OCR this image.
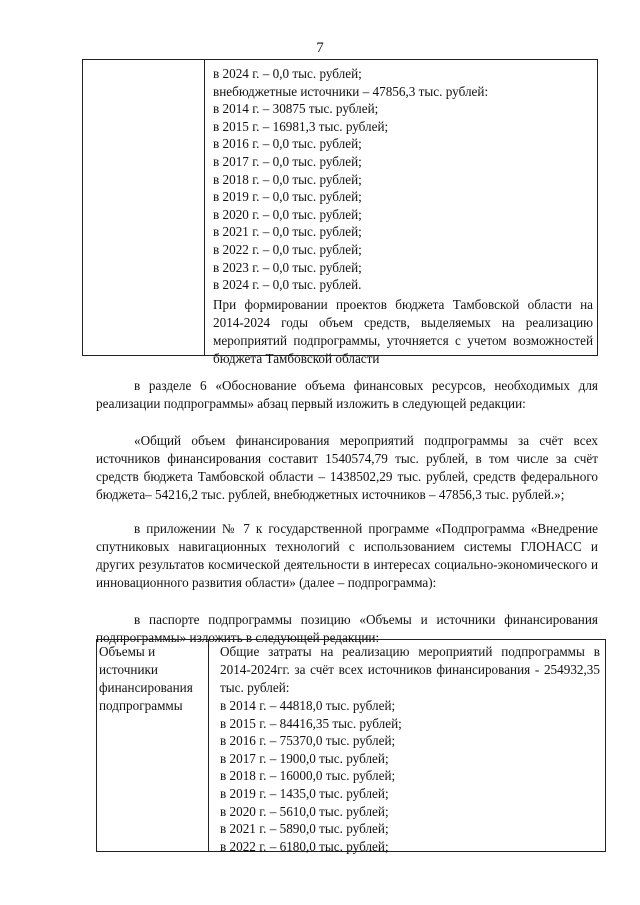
7
в 2024 г. – 0,0 тыс. рублей;
внебюджетные источники – 47856,3 тыс. рублей:
в 2014 г. – 30875 тыс. рублей;
в 2015 г. – 16981,3 тыс. рублей;
в 2016 г. – 0,0 тыс. рублей;
в 2017 г. – 0,0 тыс. рублей;
в 2018 г. – 0,0 тыс. рублей;
в 2019 г. – 0,0 тыс. рублей;
в 2020 г. – 0,0 тыс. рублей;
в 2021 г. – 0,0 тыс. рублей;
в 2022 г. – 0,0 тыс. рублей;
в 2023 г. – 0,0 тыс. рублей;
в 2024 г. – 0,0 тыс. рублей.
При формировании проектов бюджета Тамбовской области на 2014-2024 годы объем средств, выделяемых на реализацию мероприятий подпрограммы, уточняется с учетом возможностей бюджета Тамбовской области
в разделе 6 «Обоснование объема финансовых ресурсов, необходимых для реализации подпрограммы» абзац первый изложить в следующей редакции:
«Общий объем финансирования мероприятий подпрограммы за счёт всех источников финансирования составит 1540574,79 тыс. рублей, в том числе за счёт средств бюджета Тамбовской области – 1438502,29 тыс. рублей, средств федерального бюджета– 54216,2 тыс. рублей, внебюджетных источников – 47856,3 тыс. рублей.»;
в приложении № 7 к государственной программе «Подпрограмма «Внедрение спутниковых навигационных технологий с использованием системы ГЛОНАСС и других результатов космической деятельности в интересах социально-экономического и инновационного развития области» (далее – подпрограмма):
в паспорте подпрограммы позицию «Объемы и источники финансирования подпрограммы» изложить в следующей редакции:
Объемы и
источники
финансирования
подпрограммы
Общие затраты на реализацию мероприятий подпрограммы в 2014-2024гг. за счёт всех источников финансирования - 254932,35 тыс. рублей:
в 2014 г. – 44818,0 тыс. рублей;
в 2015 г. – 84416,35 тыс. рублей;
в 2016 г. – 75370,0 тыс. рублей;
в 2017 г. – 1900,0 тыс. рублей;
в 2018 г. – 16000,0 тыс. рублей;
в 2019 г. – 1435,0 тыс. рублей;
в 2020 г. – 5610,0 тыс. рублей;
в 2021 г. – 5890,0 тыс. рублей;
в 2022 г. – 6180,0 тыс. рублей;
